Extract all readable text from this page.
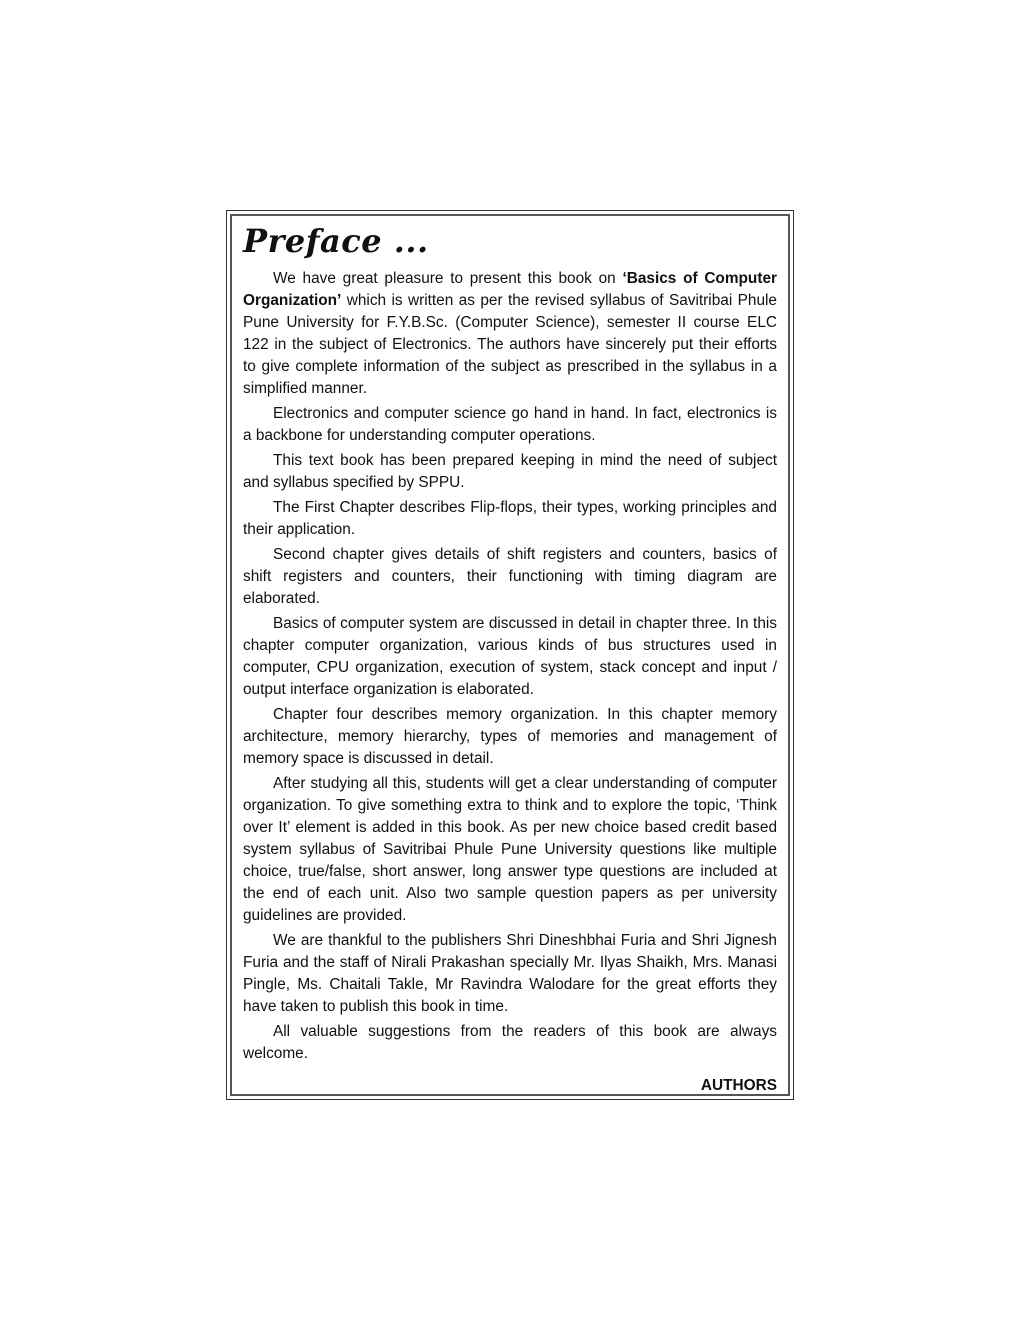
Preface ...

We have great pleasure to present this book on ‘Basics of Computer Organization’ which is written as per the revised syllabus of Savitribai Phule Pune University for F.Y.B.Sc. (Computer Science), semester II course ELC 122 in the subject of Electronics. The authors have sincerely put their efforts to give complete information of the subject as prescribed in the syllabus in a simplified manner.

Electronics and computer science go hand in hand. In fact, electronics is a backbone for understanding computer operations.

This text book has been prepared keeping in mind the need of subject and syllabus specified by SPPU.

The First Chapter describes Flip-flops, their types, working principles and their application.

Second chapter gives details of shift registers and counters, basics of shift registers and counters, their functioning with timing diagram are elaborated.

Basics of computer system are discussed in detail in chapter three. In this chapter computer organization, various kinds of bus structures used in computer, CPU organization, execution of system, stack concept and input / output interface organization is elaborated.

Chapter four describes memory organization. In this chapter memory architecture, memory hierarchy, types of memories and management of memory space is discussed in detail.

After studying all this, students will get a clear understanding of computer organization. To give something extra to think and to explore the topic, ‘Think over It’ element is added in this book. As per new choice based credit based system syllabus of Savitribai Phule Pune University questions like multiple choice, true/false, short answer, long answer type questions are included at the end of each unit. Also two sample question papers as per university guidelines are provided.

We are thankful to the publishers Shri Dineshbhai Furia and Shri Jignesh Furia and the staff of Nirali Prakashan specially Mr. Ilyas Shaikh, Mrs. Manasi Pingle, Ms. Chaitali Takle, Mr Ravindra Walodare for the great efforts they have taken to publish this book in time.

All valuable suggestions from the readers of this book are always welcome.

AUTHORS
